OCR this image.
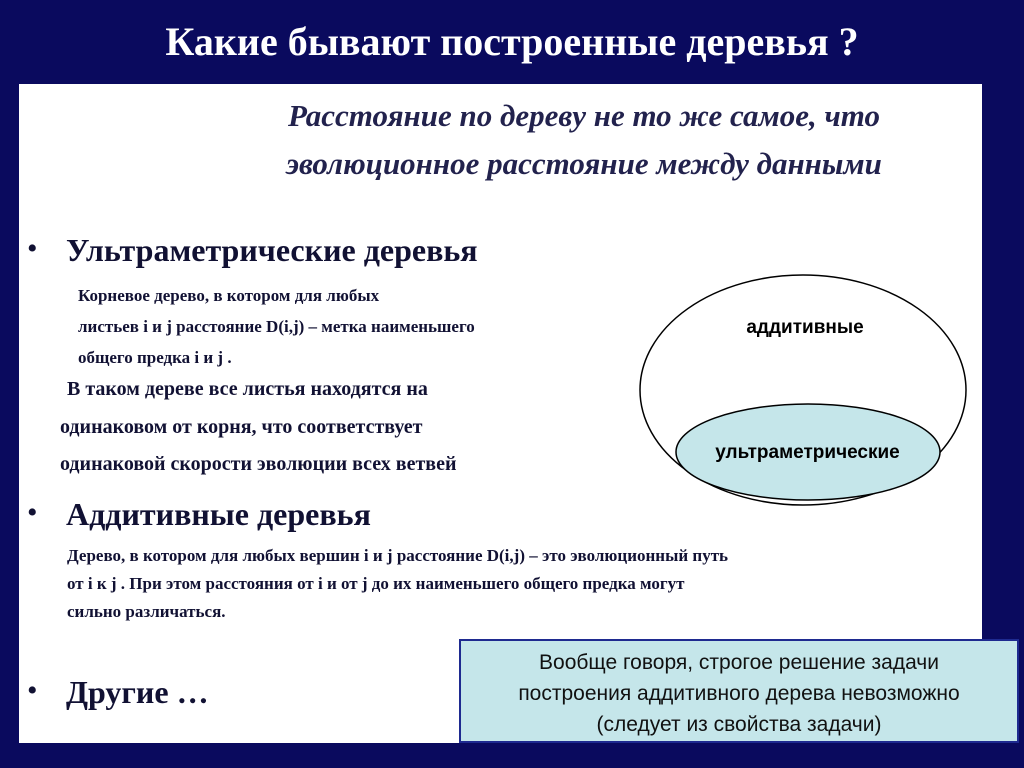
Какие бывают построенные деревья ?
Расстояние по дереву не то же самое, что
эволюционное расстояние между данными
• Ультраметрические деревья
Корневое дерево, в котором для любых
листьев i и j расстояние D(i,j) – метка наименьшего
общего предка i и j .
В таком дереве все листья находятся на
одинаковом от корня, что соответствует
одинаковой скорости эволюции всех ветвей
• Аддитивные деревья
Дерево, в котором для любых вершин i и j расстояние D(i,j) – это эволюционный путь
от i к j . При этом расстояния от i и от j до их наименьшего общего предка могут
сильно различаться.
• Другие …
аддитивные
ультраметрические
Вообще говоря, строгое решение задачи
построения аддитивного дерева невозможно
(следует из свойства задачи)
